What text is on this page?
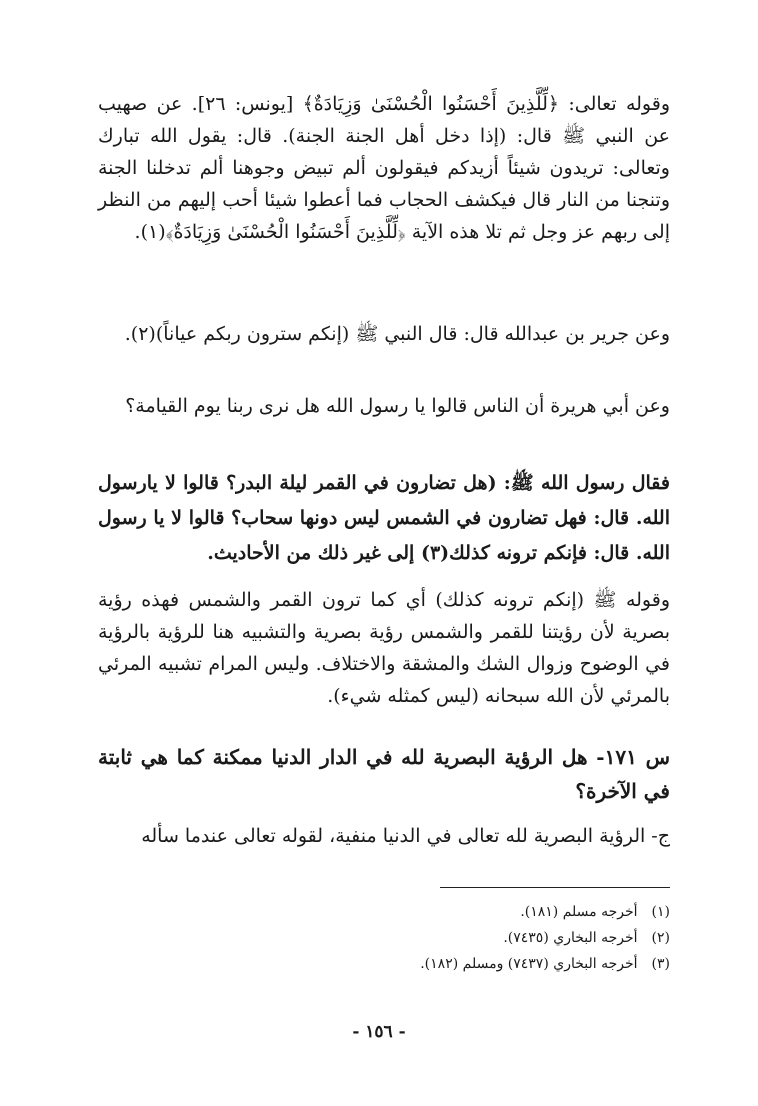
وقوله تعالى: ﴿لِّلَّذِينَ أَحْسَنُوا الْحُسْنَىٰ وَزِيَادَةٌ﴾ [يونس: ٢٦]. عن صهيب عن النبي ﷺ قال: (إذا دخل أهل الجنة الجنة). قال: يقول الله تبارك وتعالى: تريدون شيئاً أزيدكم فيقولون ألم تبيض وجوهنا ألم تدخلنا الجنة وتنجنا من النار قال فيكشف الحجاب فما أعطوا شيئا أحب إليهم من النظر إلى ربهم عز وجل ثم تلا هذه الآية ﴿لِّلَّذِينَ أَحْسَنُوا الْحُسْنَىٰ وَزِيَادَةٌ﴾(١).

وعن جرير بن عبدالله قال: قال النبي ﷺ (إنكم سترون ربكم عياناً)(٢).

وعن أبي هريرة أن الناس قالوا يا رسول الله هل نرى ربنا يوم القيامة؟

فقال رسول الله ﷺ: (هل تضارون في القمر ليلة البدر؟ قالوا لا يارسول الله. قال: فهل تضارون في الشمس ليس دونها سحاب؟ قالوا لا يا رسول الله. قال: فإنكم ترونه كذلك(٣) إلى غير ذلك من الأحاديث.

وقوله ﷺ (إنكم ترونه كذلك) أي كما ترون القمر والشمس فهذه رؤية بصرية لأن رؤيتنا للقمر والشمس رؤية بصرية والتشبيه هنا للرؤية بالرؤية في الوضوح وزوال الشك والمشقة والاختلاف. وليس المرام تشبيه المرئي بالمرئي لأن الله سبحانه (ليس كمثله شيء).

س ١٧١- هل الرؤية البصرية لله في الدار الدنيا ممكنة كما هي ثابتة في الآخرة؟

ج- الرؤية البصرية لله تعالى في الدنيا منفية، لقوله تعالى عندما سأله

(١)أخرجه مسلم (١٨١).
(٢)أخرجه البخاري (٧٤٣٥).
(٣)أخرجه البخاري (٧٤٣٧) ومسلم (١٨٢).
- ١٥٦ -
